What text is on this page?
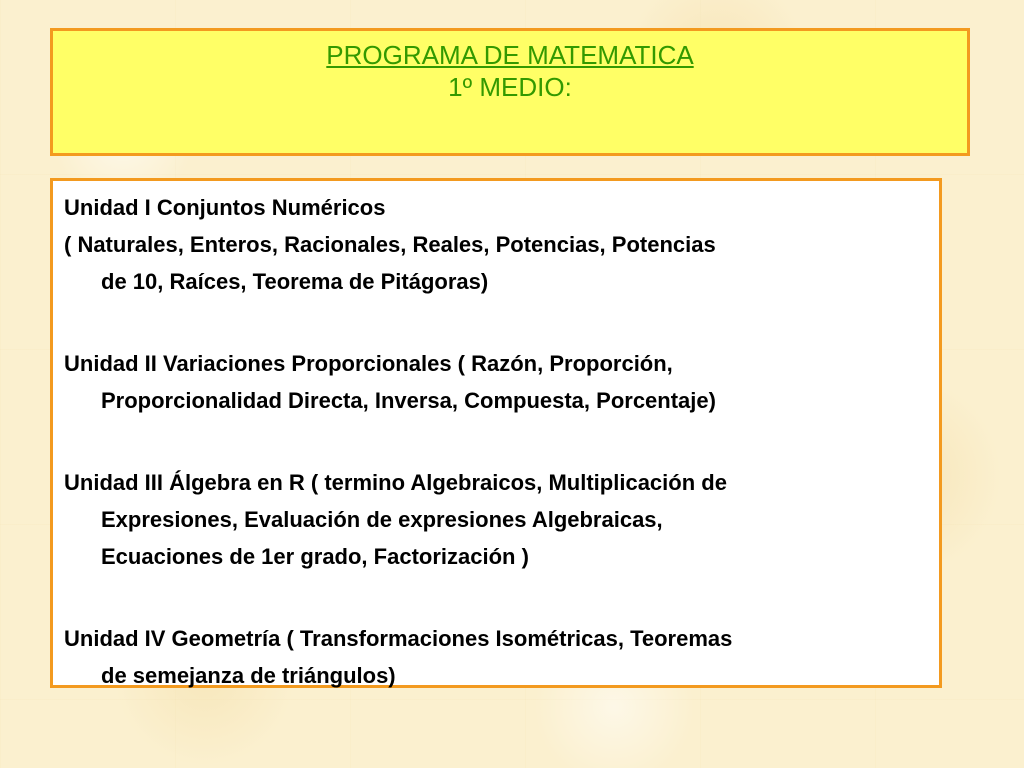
PROGRAMA DE MATEMATICA
1º MEDIO:

Unidad I Conjuntos Numéricos

( Naturales, Enteros, Racionales, Reales, Potencias, Potencias
de 10, Raíces, Teorema de Pitágoras)

Unidad II Variaciones Proporcionales ( Razón, Proporción,
Proporcionalidad Directa, Inversa, Compuesta, Porcentaje)

Unidad III Álgebra en R ( termino Algebraicos, Multiplicación de
Expresiones, Evaluación de expresiones Algebraicas,
Ecuaciones de 1er grado, Factorización )

Unidad IV Geometría ( Transformaciones Isométricas, Teoremas
de semejanza de triángulos)
